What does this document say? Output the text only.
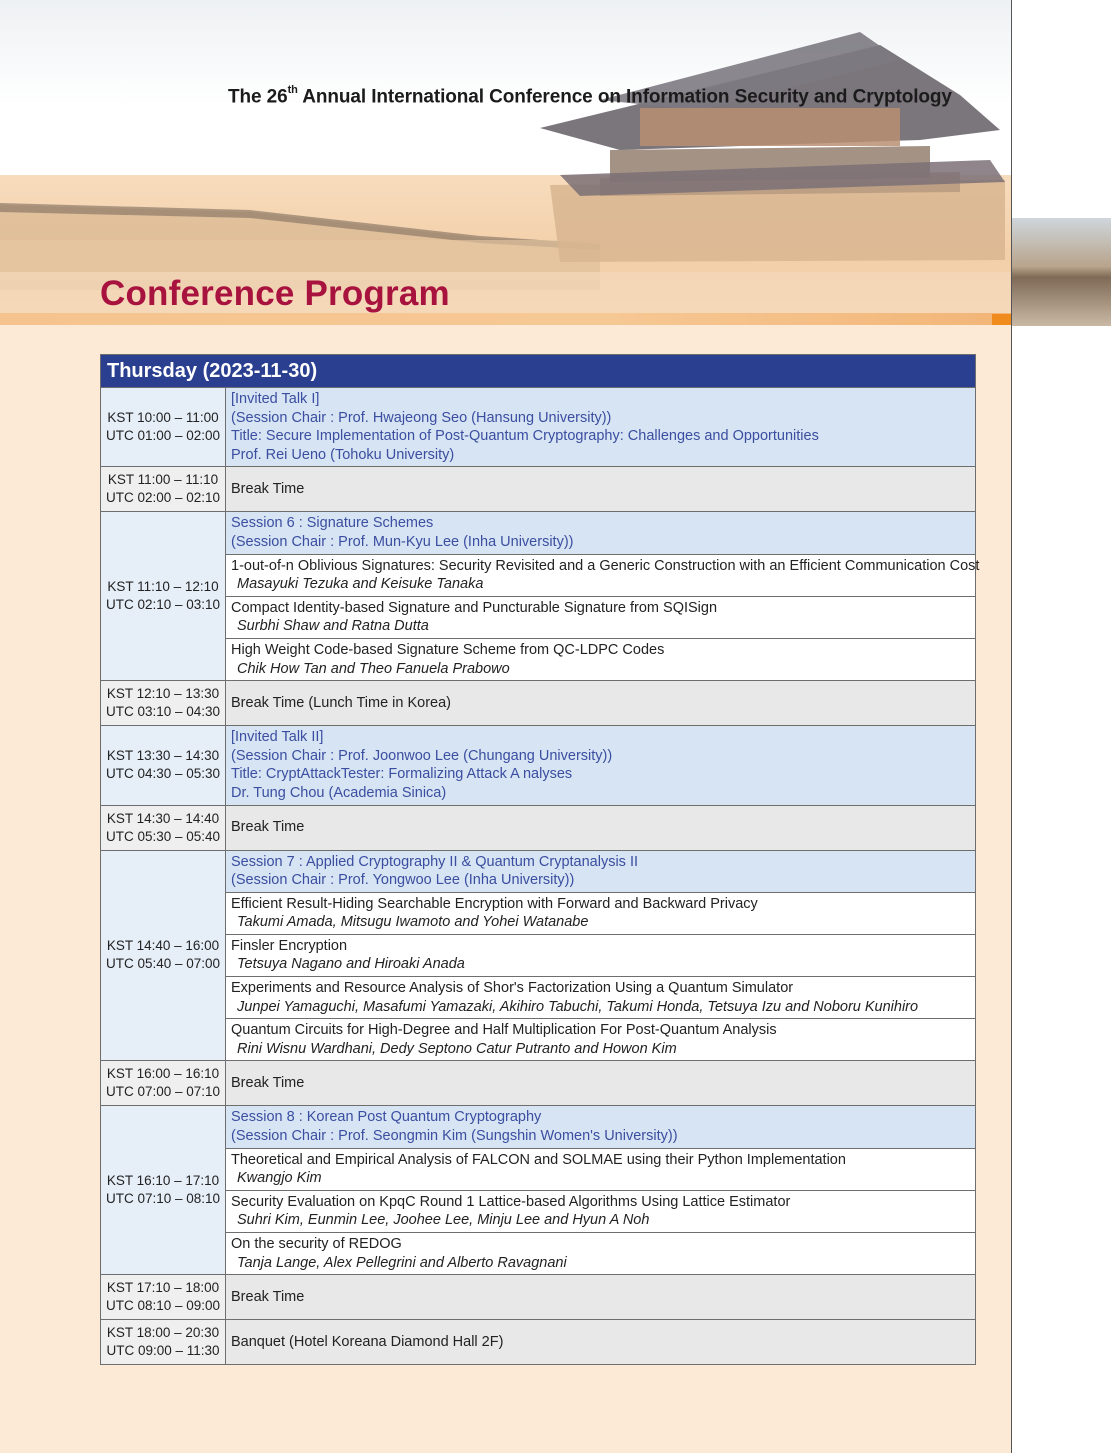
The 26th Annual International Conference on Information Security and Cryptology
Conference Program
Thursday (2023-11-30)	

KST 10:00 – 11:00
UTC 01:00 – 02:00	[Invited Talk I]
(Session Chair : Prof. Hwajeong Seo (Hansung University))
Title: Secure Implementation of Post-Quantum Cryptography: Challenges and Opportunities
Prof. Rei Ueno (Tohoku University)

KST 11:00 – 11:10
UTC 02:00 – 02:10	Break Time

KST 11:10 – 12:10
UTC 02:10 – 03:10	Session 6 : Signature Schemes
(Session Chair : Prof. Mun-Kyu Lee (Inha University))

	1-out-of-n Oblivious Signatures: Security Revisited and a Generic Construction with an Efficient Communication Cost
Masayuki Tezuka and Keisuke Tanaka

	Compact Identity-based Signature and Puncturable Signature from SQISign
Surbhi Shaw and Ratna Dutta

	High Weight Code-based Signature Scheme from QC-LDPC Codes
Chik How Tan and Theo Fanuela Prabowo

KST 12:10 – 13:30
UTC 03:10 – 04:30	Break Time (Lunch Time in Korea)

KST 13:30 – 14:30
UTC 04:30 – 05:30	[Invited Talk II]
(Session Chair : Prof. Joonwoo Lee (Chungang University))
Title: CryptAttackTester: Formalizing Attack A nalyses
Dr. Tung Chou (Academia Sinica)

KST 14:30 – 14:40
UTC 05:30 – 05:40	Break Time

KST 14:40 – 16:00
UTC 05:40 – 07:00	Session 7 : Applied Cryptography II & Quantum Cryptanalysis II
(Session Chair : Prof. Yongwoo Lee (Inha University))

	Efficient Result-Hiding Searchable Encryption with Forward and Backward Privacy
Takumi Amada, Mitsugu Iwamoto and Yohei Watanabe

	Finsler Encryption
Tetsuya Nagano and Hiroaki Anada

	Experiments and Resource Analysis of Shor's Factorization Using a Quantum Simulator
Junpei Yamaguchi, Masafumi Yamazaki, Akihiro Tabuchi, Takumi Honda, Tetsuya Izu and Noboru Kunihiro

	Quantum Circuits for High-Degree and Half Multiplication For Post-Quantum Analysis
Rini Wisnu Wardhani, Dedy Septono Catur Putranto and Howon Kim

KST 16:00 – 16:10
UTC 07:00 – 07:10	Break Time

KST 16:10 – 17:10
UTC 07:10 – 08:10	Session 8 : Korean Post Quantum Cryptography
(Session Chair : Prof. Seongmin Kim (Sungshin Women's University))

	Theoretical and Empirical Analysis of FALCON and SOLMAE using their Python Implementation
Kwangjo Kim

	Security Evaluation on KpqC Round 1 Lattice-based Algorithms Using Lattice Estimator
Suhri Kim, Eunmin Lee, Joohee Lee, Minju Lee and Hyun A Noh

	On the security of REDOG
Tanja Lange, Alex Pellegrini and Alberto Ravagnani

KST 17:10 – 18:00
UTC 08:10 – 09:00	Break Time

KST 18:00 – 20:30
UTC 09:00 – 11:30	Banquet (Hotel Koreana Diamond Hall 2F)
